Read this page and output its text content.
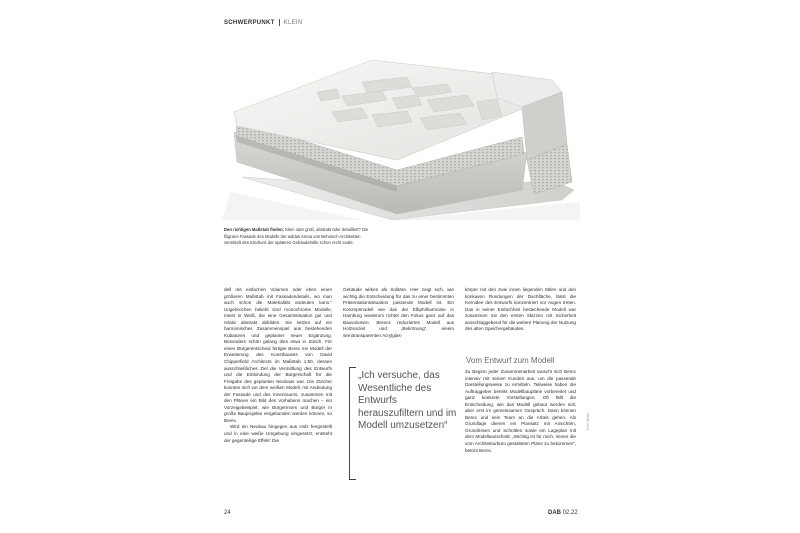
SCHWERPUNKT KLEIN
Den richtigen Maßstab finden: Klein oder groß, abstrakt oder detailliert? Die filigrane Fassade des Modells der adidas Arena von Behnisch Architekten vermittelt den Eindruck der späteren Gebäudehülle schon recht exakt.

dell mit einfachen Volumen oder eben einen größeren Maßstab mit Fassadendetails, wo man auch schon die Materialität andeuten kann.“ Ungebrochen beliebt sind monochrome Modelle, meist in Weiß, die eine Gesamtsituation gut und relativ abstrakt abbilden. Sie setzen auf ein harmonisches Zusammenspiel aus bestehenden Kubaturen und geplanter neuer Ergänzung. Besonders schön gelang dies etwa in Zürich. Für einen Bürgerentscheid fertigte Berec ein Modell der Erweiterung des Kunsthauses von David Chipperfield Architects im Maßstab 1:50, dessen ausschließliches Ziel die Vermittlung des Entwurfs und die Einbindung der Bürgerschaft für die Freigabe des geplanten Neubaus war. Die Zürcher konnten sich vor dem weißen Modell, mit Andeutung der Fassade und des Innenraums, zusammen mit den Plänen ein Bild des Vorhabens machen – ein Vorzeigebeispiel, wie Bürgerinnen und Bürger in große Bauprojekte eingebunden werden können, so Berec.

Wird ein Neubau hingegen aus Holz hergestellt und in eine weiße Umgebung eingesetzt, entsteht der gegenteilige Effekt: Die

Gebäude wirken als Solitäre. Hier zeigt sich, wie wichtig die Entscheidung für das zu einer bestimmten Präsentationssituation passende Modell ist. Ein Konzeptmodell wie das der Elbphilharmonie in Hamburg wiederum richtet den Fokus ganz auf das Bauvolumen: Berecs reduziertes Modell aus Holzsockel und „Bekrönung“, einem semitransparenten Acrylglas-

„Ich versuche, das Wesentliche des Entwurfs herauszufiltern und im Modell umzusetzen“

körper mit den zwei innen liegenden Sälen und den konkaven Rundungen der Dachfläche, lässt die Kernidee des Entwurfs konzentriert vor Augen treten. Das in seiner Einfachheit bestechende Modell war zusammen mit den ersten Skizzen mit Sicherheit ausschlaggebend für die weitere Planung der Nutzung des alten Speichergebäudes.

Vom Entwurf zum Modell

Zu Beginn jeder Zusammenarbeit tauscht sich Berec intensiv mit seinen Kunden aus, um die passende Darstellungsweise zu ermitteln. Teilweise haben die Auftraggeber bereits Modellbaupläne vorbereitet und ganz konkrete Vorstellungen. Oft fällt die Entscheidung, wie das Modell gebaut werden soll, aber erst im gemeinsamen Gespräch. Dann können Berec und sein Team an die Arbeit gehen. Als Grundlage dienen ein Plansatz mit Ansichten, Grundrissen und Schnitten sowie ein Lageplan mit dem Modellausschnitt. „Wichtig ist für mich, immer die vom Architekturbüro gestalteten Pläne zu bekommen“, betont Berec.

Foto: Berec
24	DAB 02.22
